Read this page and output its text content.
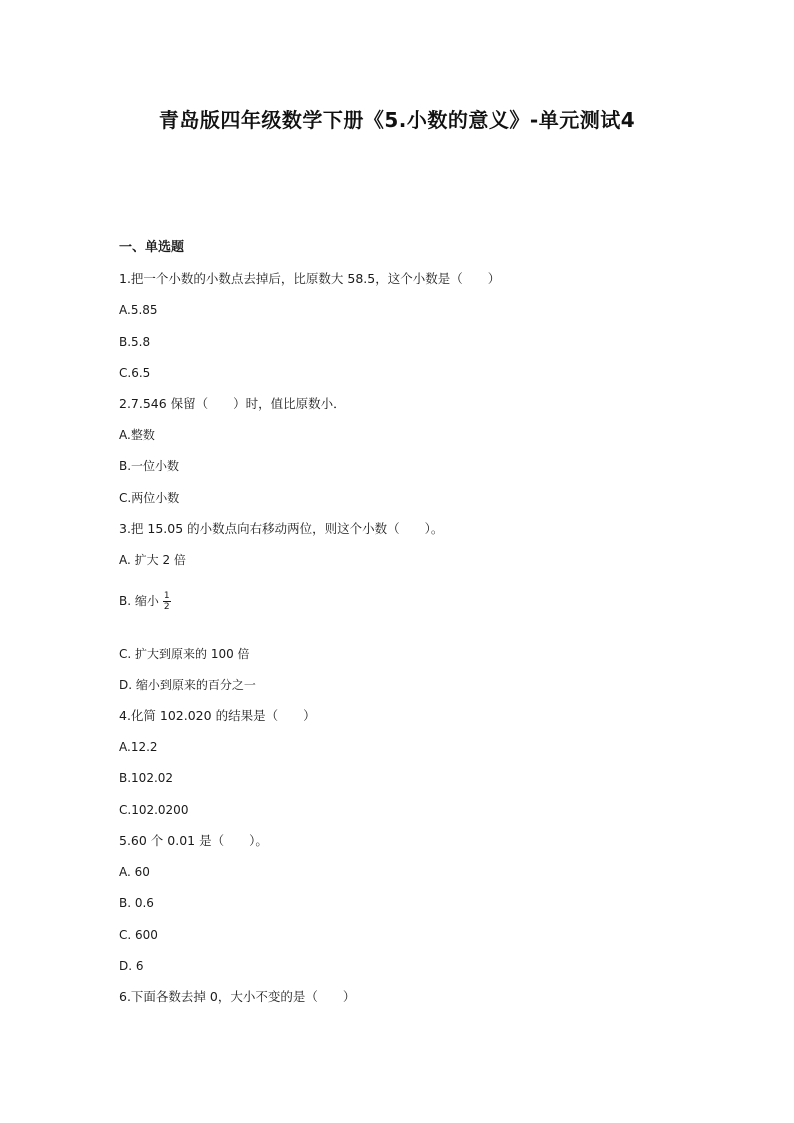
青岛版四年级数学下册《5.小数的意义》-单元测试4
一、单选题
1.把一个小数的小数点去掉后，比原数大 58.5，这个小数是（　　）
A.5.85
B.5.8
C.6.5
2.7.546 保留（　　）时，值比原数小．
A.整数
B.一位小数
C.两位小数
3.把 15.05 的小数点向右移动两位，则这个小数（　　）。
A. 扩大 2 倍
B. 缩小 $\frac{1}{2}$
C. 扩大到原来的 100 倍
D. 缩小到原来的百分之一
4.化简 102.020 的结果是（　　）
A.12.2
B.102.02
C.102.0200
5.60 个 0.01 是（　　）。
A. 60
B. 0.6
C. 600
D. 6
6.下面各数去掉 0，大小不变的是（　　）
